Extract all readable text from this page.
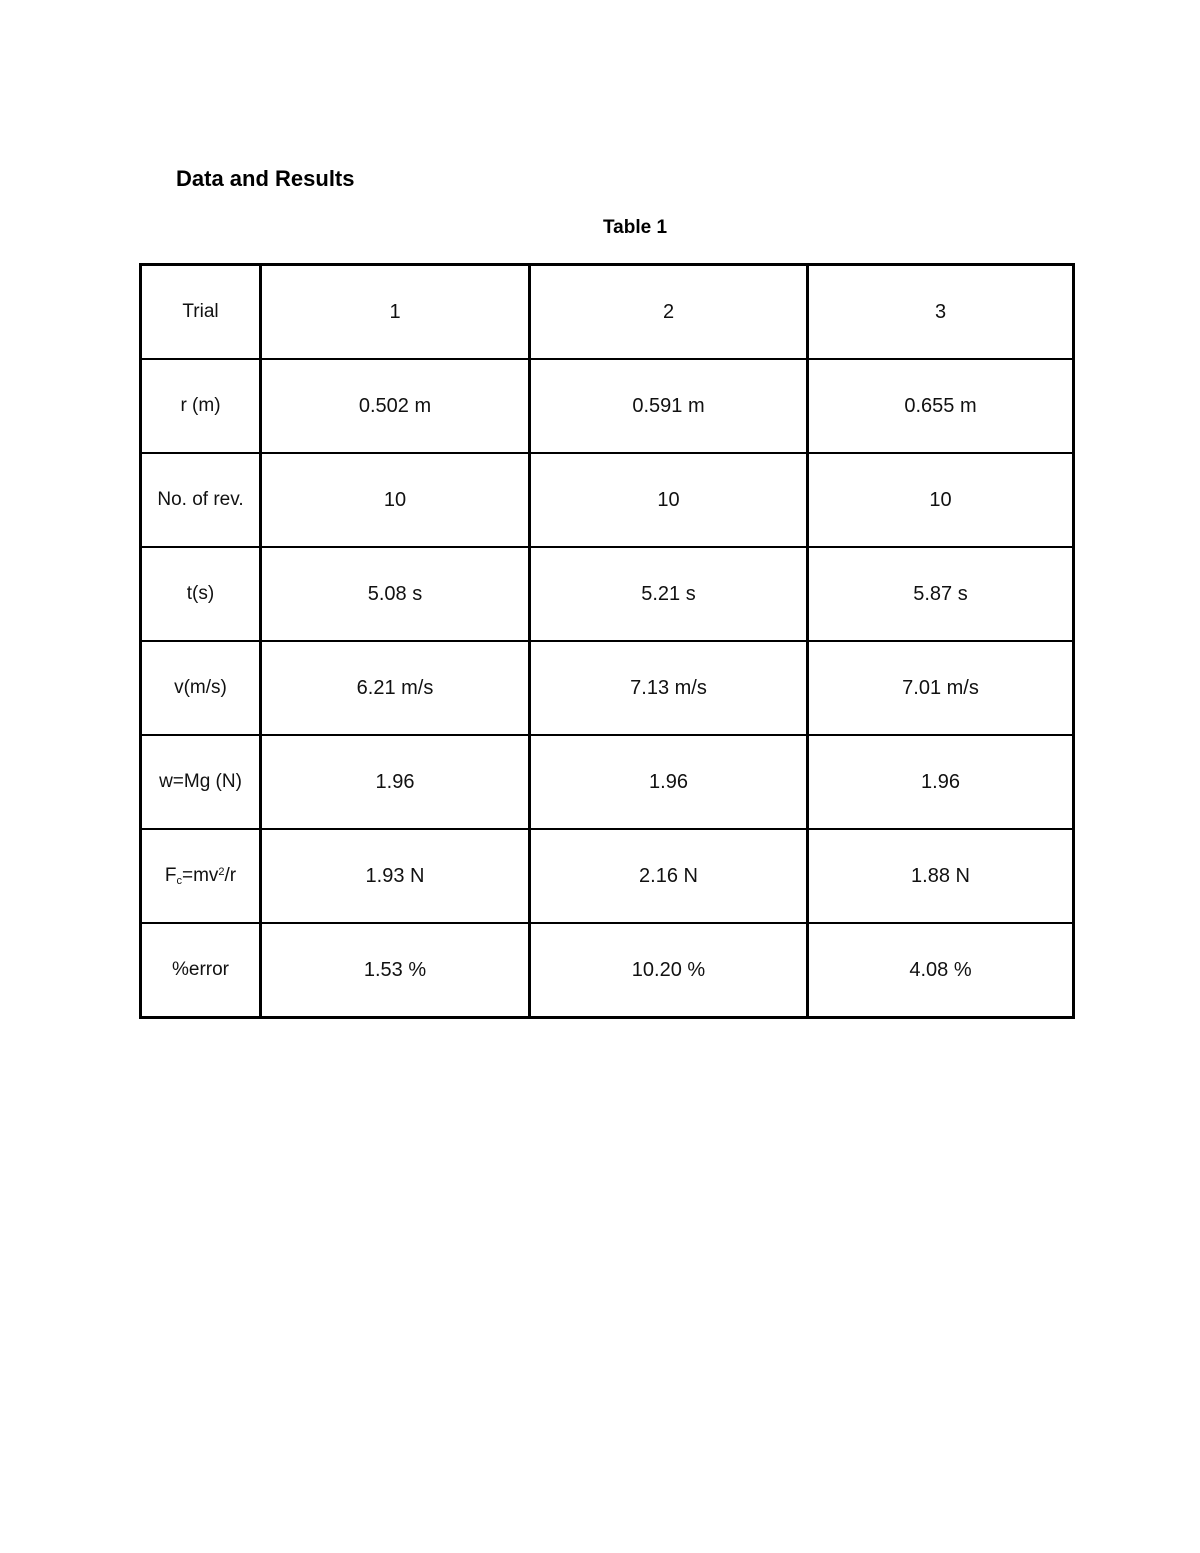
Data and Results
Table 1
Trial	1	2	3
r (m)	0.502 m	0.591 m	0.655 m
No. of rev.	10	10	10
t(s)	5.08 s	5.21 s	5.87 s
v(m/s)	6.21 m/s	7.13 m/s	7.01 m/s
w=Mg (N)	1.96	1.96	1.96
$F_c=mv^2/r$	1.93 N	2.16 N	1.88 N
%error	1.53 %	10.20 %	4.08 %
